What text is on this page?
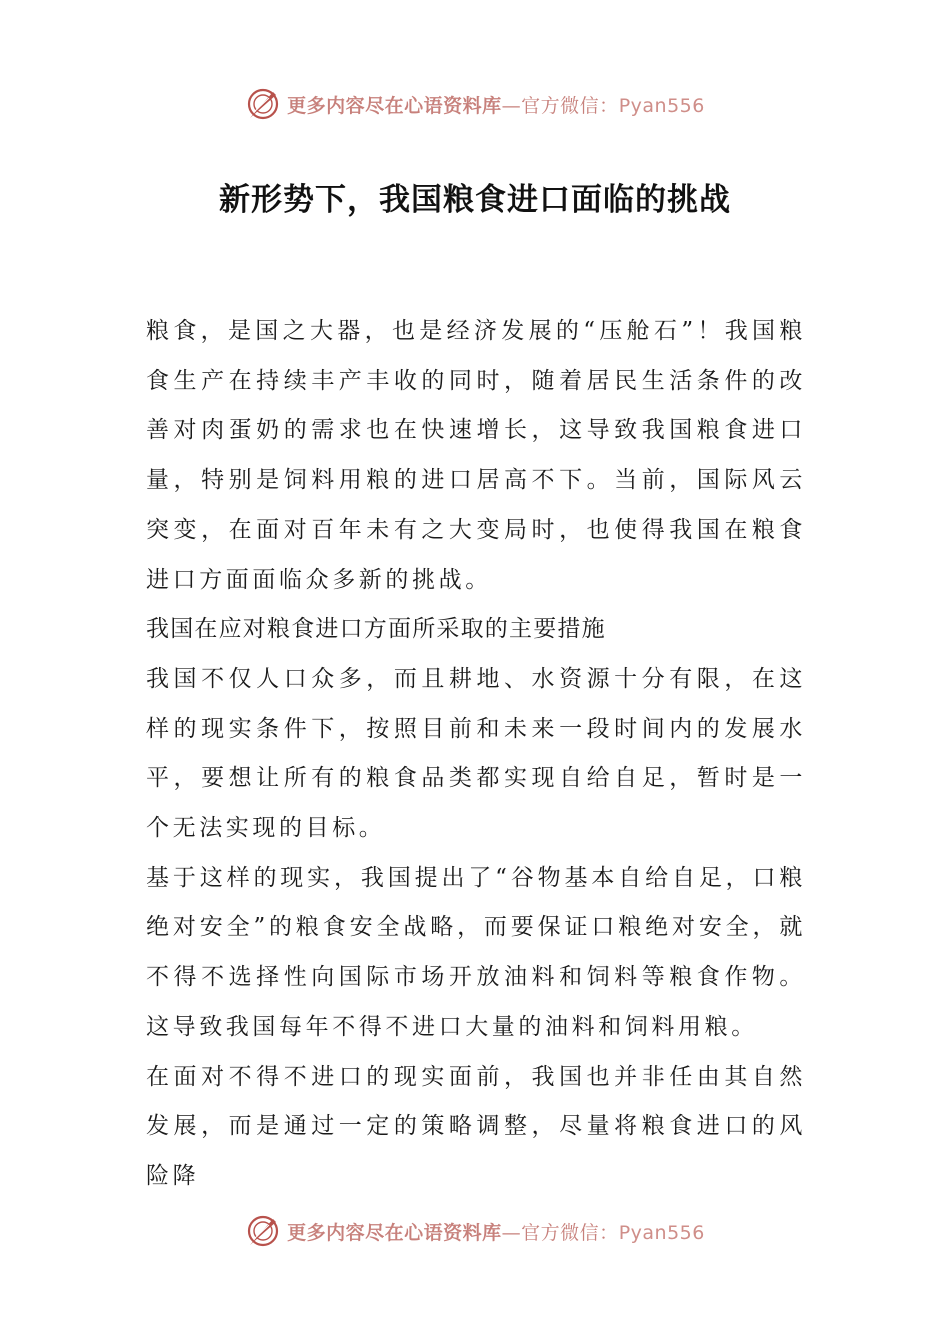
更多内容尽在心语资料库—官方微信：Pyan556
新形势下，我国粮食进口面临的挑战

粮食，是国之大器，也是经济发展的“压舱石”！我国粮食生产在持续丰产丰收的同时，随着居民生活条件的改善对肉蛋奶的需求也在快速增长，这导致我国粮食进口量，特别是饲料用粮的进口居高不下。当前，国际风云突变，在面对百年未有之大变局时，也使得我国在粮食进口方面面临众多新的挑战。

我国在应对粮食进口方面所采取的主要措施

我国不仅人口众多，而且耕地、水资源十分有限，在这样的现实条件下，按照目前和未来一段时间内的发展水平，要想让所有的粮食品类都实现自给自足，暂时是一个无法实现的目标。

基于这样的现实，我国提出了“谷物基本自给自足，口粮绝对安全”的粮食安全战略，而要保证口粮绝对安全，就不得不选择性向国际市场开放油料和饲料等粮食作物。这导致我国每年不得不进口大量的油料和饲料用粮。

在面对不得不进口的现实面前，我国也并非任由其自然发展，而是通过一定的策略调整，尽量将粮食进口的风险降

更多内容尽在心语资料库—官方微信：Pyan556
